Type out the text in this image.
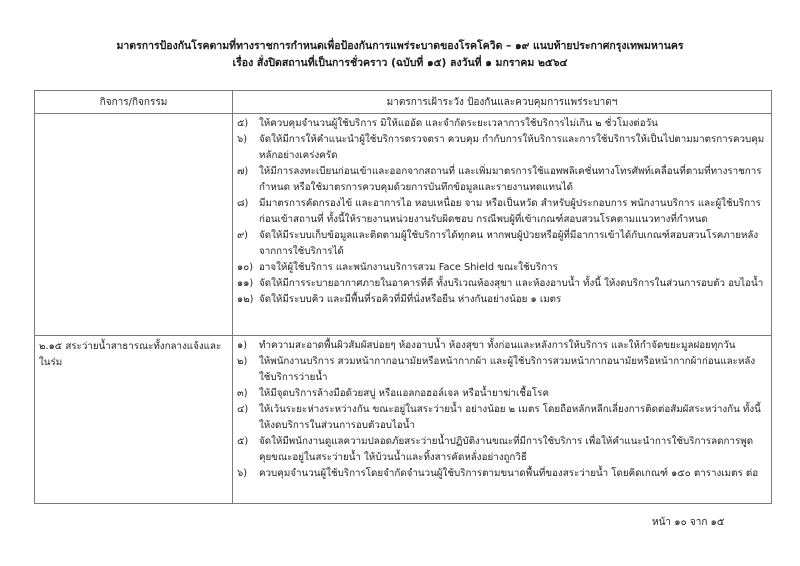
มาตรการป้องกันโรคตามที่ทางราชการกำหนดเพื่อป้องกันการแพร่ระบาดของโรคโควิด – ๑๙ แนบท้ายประกาศกรุงเทพมหานคร
เรื่อง สั่งปิดสถานที่เป็นการชั่วคราว (ฉบับที่ ๑๕) ลงวันที่ ๑ มกราคม ๒๕๖๔
กิจการ/กิจกรรม	มาตรการเฝ้าระวัง ป้องกันและควบคุมการแพร่ระบาดฯ

๕)	ให้ควบคุมจำนวนผู้ใช้บริการ มิให้แออัด และจำกัดระยะเวลาการใช้บริการไม่เกิน ๒ ชั่วโมงต่อวัน
๖)	จัดให้มีการให้คำแนะนำผู้ใช้บริการตรวจตรา ควบคุม กำกับการให้บริการและการใช้บริการให้เป็นไปตามมาตรการควบคุมหลักอย่างเคร่งครัด
๗)	ให้มีการลงทะเบียนก่อนเข้าและออกจากสถานที่ และเพิ่มมาตรการใช้แอพพลิเคชั่นทางโทรศัพท์เคลื่อนที่ตามที่ทางราชการกำหนด หรือใช้มาตรการควบคุมด้วยการบันทึกข้อมูลและรายงานทดแทนได้
๘)	มีมาตรการคัดกรองไข้ และอาการไอ หอบเหนื่อย จาม หรือเป็นหวัด สำหรับผู้ประกอบการ พนักงานบริการ และผู้ใช้บริการก่อนเข้าสถานที่ ทั้งนี้ให้รายงานหน่วยงานรับผิดชอบ กรณีพบผู้ที่เข้าเกณฑ์สอบสวนโรคตามแนวทางที่กำหนด
๙)	จัดให้มีระบบเก็บข้อมูลและติดตามผู้ใช้บริการได้ทุกคน หากพบผู้ป่วยหรือผู้ที่มีอาการเข้าได้กับเกณฑ์สอบสวนโรคภายหลังจากการใช้บริการได้
๑๐) อาจให้ผู้ใช้บริการ และพนักงานบริการสวม Face Shield ขณะใช้บริการ
๑๑) จัดให้มีการระบายอากาศภายในอาคารที่ดี ทั้งบริเวณห้องสุขา และห้องอาบน้ำ ทั้งนี้ ให้งดบริการในส่วนการอบตัว อบไอน้ำ
๑๒) จัดให้มีระบบคิว และมีพื้นที่รอคิวที่มีที่นั่งหรือยืน ห่างกันอย่างน้อย ๑ เมตร

๒.๑๕ สระว่ายน้ำสาธารณะทั้งกลางแจ้งและในร่ม

๑)	ทำความสะอาดพื้นผิวสัมผัสบ่อยๆ ห้องอาบน้ำ ห้องสุขา ทั้งก่อนและหลังการให้บริการ และให้กำจัดขยะมูลฝอยทุกวัน
๒)	ให้พนักงานบริการ สวมหน้ากากอนามัยหรือหน้ากากผ้า และผู้ใช้บริการสวมหน้ากากอนามัยหรือหน้ากากผ้าก่อนและหลังใช้บริการว่ายน้ำ
๓)	ให้มีจุดบริการล้างมือด้วยสบู่ หรือแอลกอฮอล์เจล หรือน้ำยาฆ่าเชื้อโรค
๔)	ให้เว้นระยะห่างระหว่างกัน ขณะอยู่ในสระว่ายน้ำ อย่างน้อย ๒ เมตร โดยถือหลักหลีกเลี่ยงการติดต่อสัมผัสระหว่างกัน ทั้งนี้ให้งดบริการในส่วนการอบตัวอบไอน้ำ
๕)	จัดให้มีพนักงานดูแลความปลอดภัยสระว่ายน้ำปฏิบัติงานขณะที่มีการใช้บริการ เพื่อให้คำแนะนำการใช้บริการลดการพูดคุยขณะอยู่ในสระว่ายน้ำ ให้บ้วนน้ำและทิ้งสารคัดหลั่งอย่างถูกวิธี
๖)	ควบคุมจำนวนผู้ใช้บริการโดยจำกัดจำนวนผู้ใช้บริการตามขนาดพื้นที่ของสระว่ายน้ำ โดยคิดเกณฑ์ ๑๕๐ ตารางเมตร ต่อ
หน้า ๑๐ จาก ๑๕
